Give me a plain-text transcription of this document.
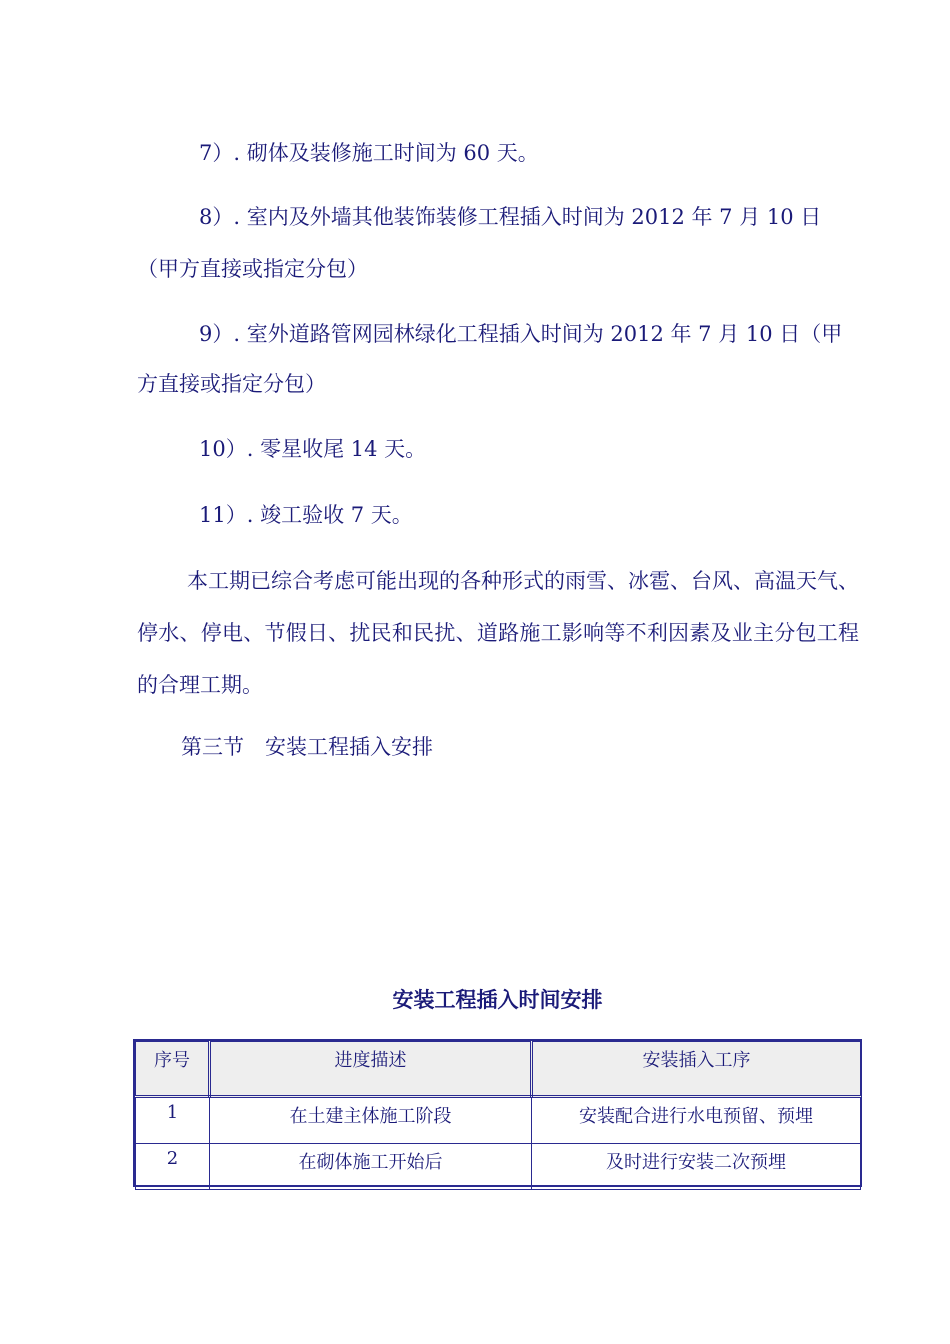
7）. 砌体及装修施工时间为 60 天。
8）. 室内及外墙其他装饰装修工程插入时间为 2012 年 7 月 10 日
（甲方直接或指定分包）
9）. 室外道路管网园林绿化工程插入时间为 2012 年 7 月 10 日（甲
方直接或指定分包）
10）. 零星收尾 14 天。
11）. 竣工验收 7 天。
本工期已综合考虑可能出现的各种形式的雨雪、冰雹、台风、高温天气、停水、停电、节假日、扰民和民扰、道路施工影响等不利因素及业主分包工程的合理工期。
第三节　安装工程插入安排
安装工程插入时间安排
序号	进度描述	安装插入工序
1	在土建主体施工阶段	安装配合进行水电预留、预埋
2	在砌体施工开始后	及时进行安装二次预埋
